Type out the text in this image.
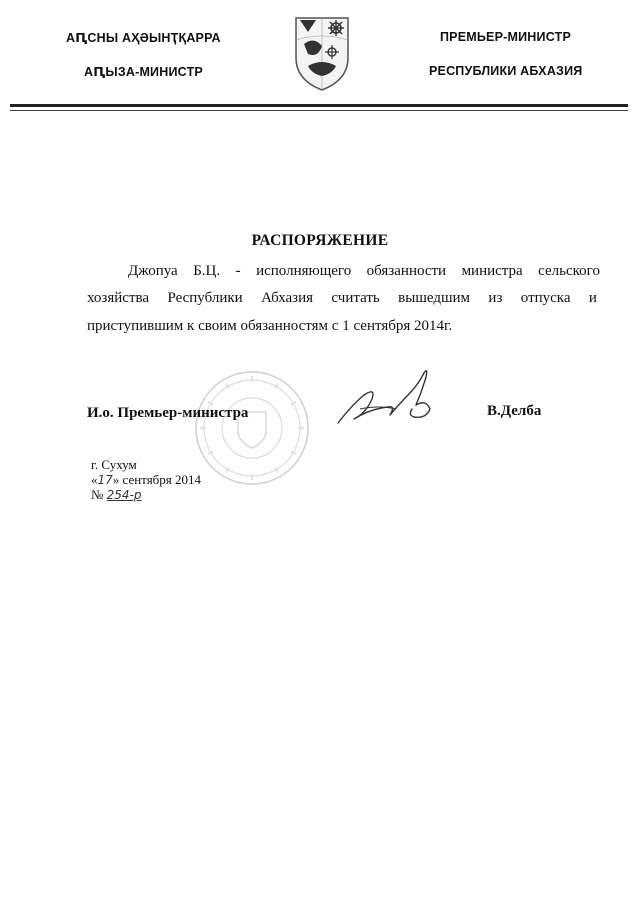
АԤСНЫ АҲӘЫНҬҚАРРА
АԤЫЗА-МИНИСТР
ПРЕМЬЕР-МИНИСТР
РЕСПУБЛИКИ АБХАЗИЯ
РАСПОРЯЖЕНИЕ
Джопуа Б.Ц. - исполняющего обязанности министра сельского
хозяйства Республики Абхазия считать вышедшим из отпуска и
приступившим к своим обязанностям с 1 сентября 2014г.
И.о. Премьер-министра	В.Делба
г. Сухум
«17» сентября 2014
№ 254-р
